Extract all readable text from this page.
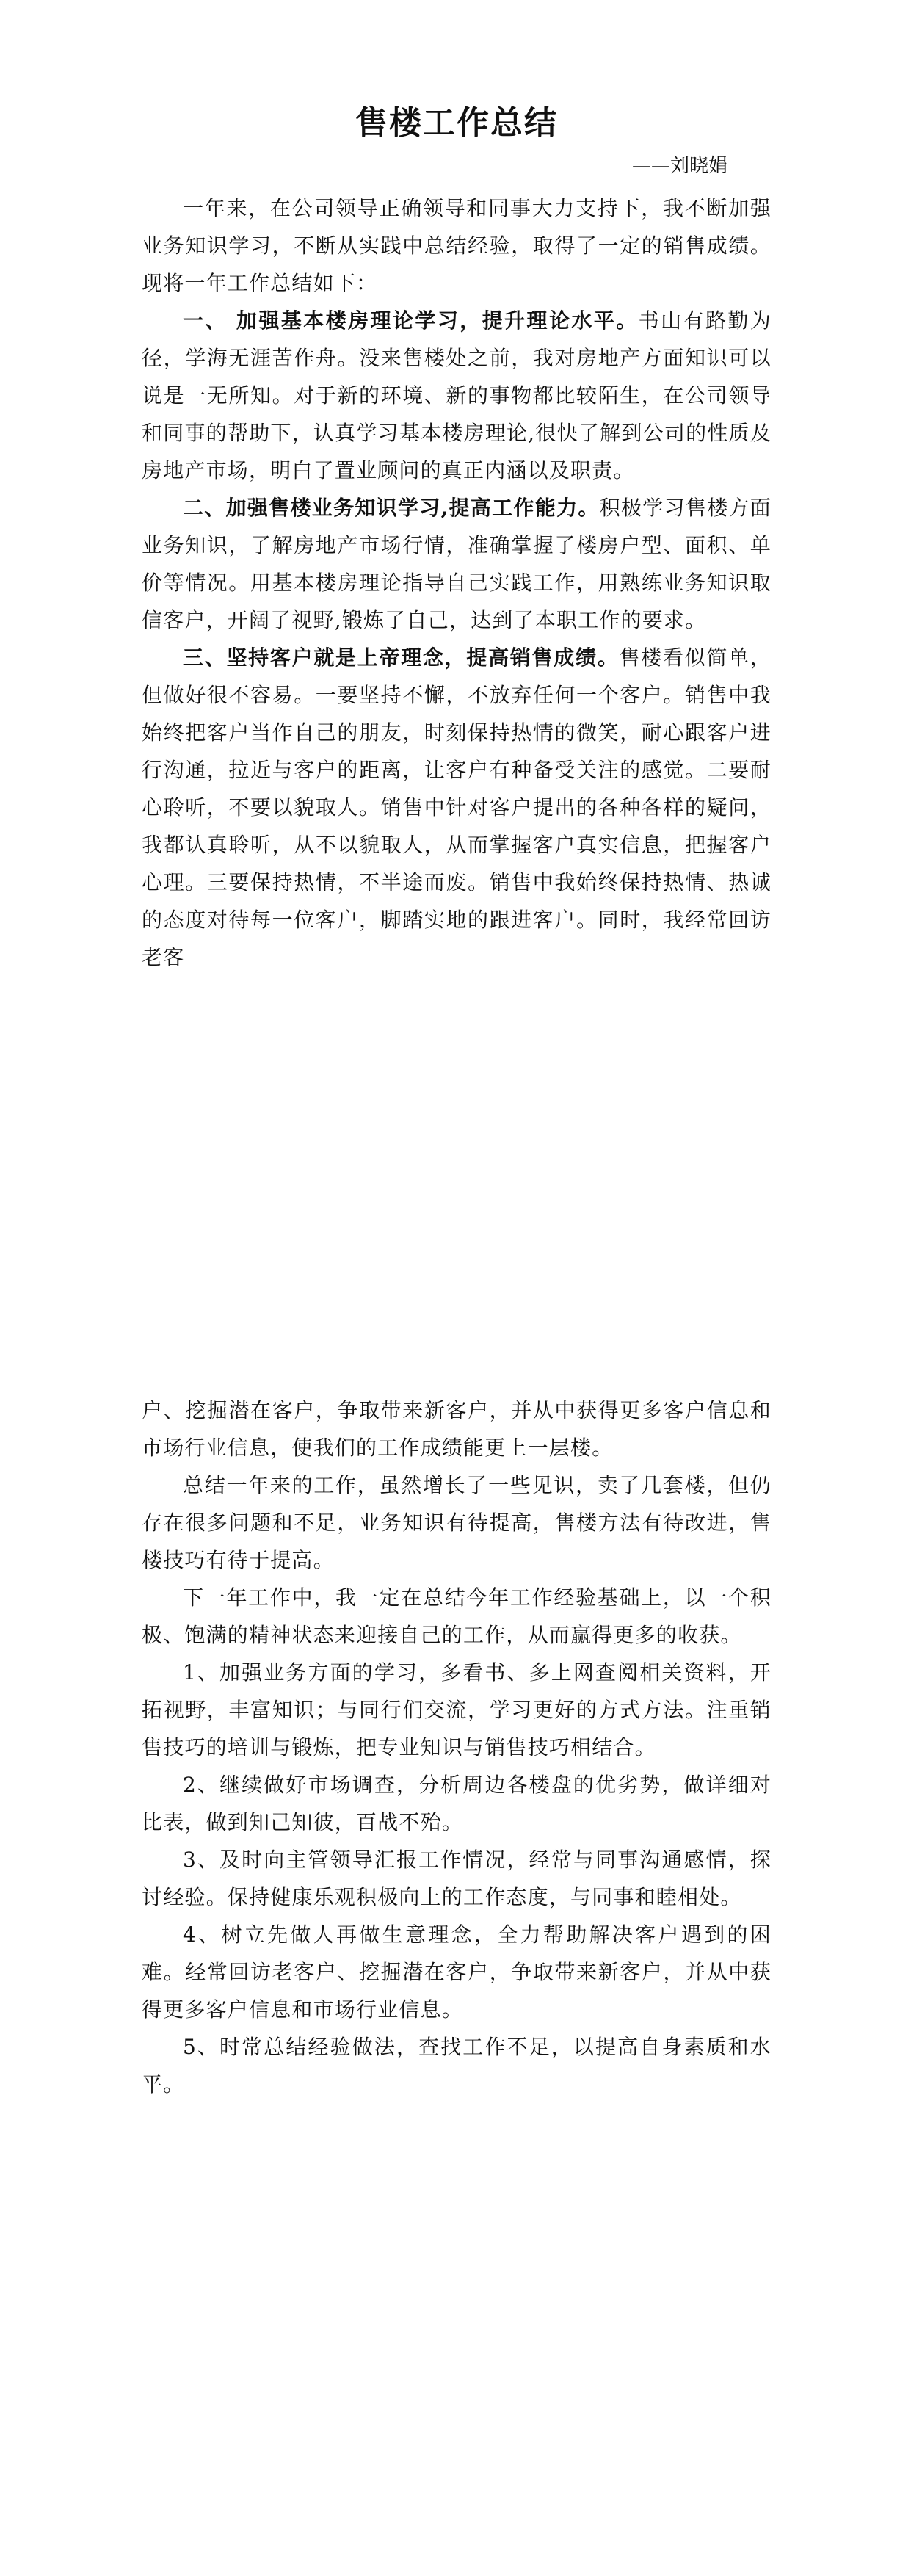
售楼工作总结
——刘晓娟

一年来，在公司领导正确领导和同事大力支持下，我不断加强业务知识学习，不断从实践中总结经验，取得了一定的销售成绩。现将一年工作总结如下：

一、 加强基本楼房理论学习，提升理论水平。书山有路勤为径，学海无涯苦作舟。没来售楼处之前，我对房地产方面知识可以说是一无所知。对于新的环境、新的事物都比较陌生，在公司领导和同事的帮助下，认真学习基本楼房理论,很快了解到公司的性质及房地产市场，明白了置业顾问的真正内涵以及职责。

二、加强售楼业务知识学习,提高工作能力。积极学习售楼方面业务知识，了解房地产市场行情，准确掌握了楼房户型、面积、单价等情况。用基本楼房理论指导自己实践工作，用熟练业务知识取信客户，开阔了视野,锻炼了自己，达到了本职工作的要求。

三、坚持客户就是上帝理念，提高销售成绩。售楼看似简单，但做好很不容易。一要坚持不懈，不放弃任何一个客户。销售中我始终把客户当作自己的朋友，时刻保持热情的微笑，耐心跟客户进行沟通，拉近与客户的距离，让客户有种备受关注的感觉。二要耐心聆听，不要以貌取人。销售中针对客户提出的各种各样的疑问，我都认真聆听，从不以貌取人，从而掌握客户真实信息，把握客户心理。三要保持热情，不半途而废。销售中我始终保持热情、热诚的态度对待每一位客户，脚踏实地的跟进客户。同时，我经常回访老客

户、挖掘潜在客户，争取带来新客户，并从中获得更多客户信息和市场行业信息，使我们的工作成绩能更上一层楼。

总结一年来的工作，虽然增长了一些见识，卖了几套楼，但仍存在很多问题和不足，业务知识有待提高，售楼方法有待改进，售楼技巧有待于提高。

下一年工作中，我一定在总结今年工作经验基础上，以一个积极、饱满的精神状态来迎接自己的工作，从而赢得更多的收获。

1、加强业务方面的学习，多看书、多上网查阅相关资料，开拓视野，丰富知识；与同行们交流，学习更好的方式方法。注重销售技巧的培训与锻炼，把专业知识与销售技巧相结合。

2、继续做好市场调查，分析周边各楼盘的优劣势，做详细对比表，做到知己知彼，百战不殆。

3、及时向主管领导汇报工作情况，经常与同事沟通感情，探讨经验。保持健康乐观积极向上的工作态度，与同事和睦相处。

4、树立先做人再做生意理念，全力帮助解决客户遇到的困难。经常回访老客户、挖掘潜在客户，争取带来新客户，并从中获得更多客户信息和市场行业信息。

5、时常总结经验做法，查找工作不足，以提高自身素质和水平。
